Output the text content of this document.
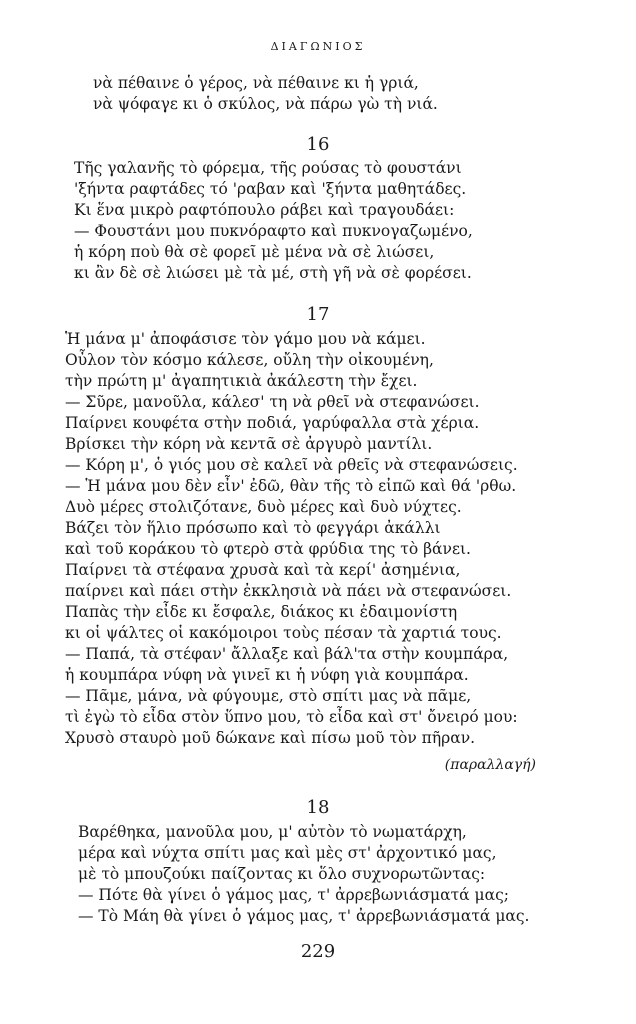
ΔΙΑΓΩΝΙΟΣ
νὰ πέθαινε ὁ γέρος, νὰ πέθαινε κι ἡ γριά,
νὰ ψόφαγε κι ὁ σκύλος, νὰ πάρω γὼ τὴ νιά.
16
Τῆς γαλανῆς τὸ φόρεμα, τῆς ρούσας τὸ φουστάνι
'ξήντα ραφτάδες τό 'ραβαν καὶ 'ξήντα μαθητάδες.
Κι ἕνα μικρὸ ραφτόπουλο ράβει καὶ τραγουδάει:
— Φουστάνι μου πυκνόραφτο καὶ πυκνογαζωμένο,
ἡ κόρη ποὺ θὰ σὲ φορεῖ μὲ μένα νὰ σὲ λιώσει,
κι ἂν δὲ σὲ λιώσει μὲ τὰ μέ, στὴ γῆ νὰ σὲ φορέσει.
17
Ἡ μάνα μ' ἀποφάσισε τὸν γάμο μου νὰ κάμει.
Οὖλον τὸν κόσμο κάλεσε, οὔλη τὴν οἰκουμένη,
τὴν πρώτη μ' ἀγαπητικιὰ ἀκάλεστη τὴν ἔχει.
— Σῦρε, μανοῦλα, κάλεσ' τη νὰ ρθεῖ νὰ στεφανώσει.
Παίρνει κουφέτα στὴν ποδιά, γαρύφαλλα στὰ χέρια.
Βρίσκει τὴν κόρη νὰ κεντᾶ σὲ ἀργυρὸ μαντίλι.
— Κόρη μ', ὁ γιός μου σὲ καλεῖ νὰ ρθεῖς νὰ στεφανώσεις.
— Ἡ μάνα μου δὲν εἶν' ἐδῶ, θὰν τῆς τὸ εἰπῶ καὶ θά 'ρθω.
Δυὸ μέρες στολιζότανε, δυὸ μέρες καὶ δυὸ νύχτες.
Βάζει τὸν ἥλιο πρόσωπο καὶ τὸ φεγγάρι ἀκάλλι
καὶ τοῦ κοράκου τὸ φτερὸ στὰ φρύδια της τὸ βάνει.
Παίρνει τὰ στέφανα χρυσὰ καὶ τὰ κερί' ἀσημένια,
παίρνει καὶ πάει στὴν ἐκκλησιὰ νὰ πάει νὰ στεφανώσει.
Παπὰς τὴν εἶδε κι ἔσφαλε, διάκος κι ἐδαιμονίστη
κι οἱ ψάλτες οἱ κακόμοιροι τοὺς πέσαν τὰ χαρτιά τους.
— Παπά, τὰ στέφαν' ἄλλαξε καὶ βάλ'τα στὴν κουμπάρα,
ἡ κουμπάρα νύφη νὰ γινεῖ κι ἡ νύφη γιὰ κουμπάρα.
— Πᾶμε, μάνα, νὰ φύγουμε, στὸ σπίτι μας νὰ πᾶμε,
τὶ ἐγὼ τὸ εἶδα στὸν ὕπνο μου, τὸ εἶδα καὶ στ' ὄνειρό μου:
Χρυσὸ σταυρὸ μοῦ δώκανε καὶ πίσω μοῦ τὸν πῆραν.
(παραλλαγή)
18
Βαρέθηκα, μανοῦλα μου, μ' αὐτὸν τὸ νωματάρχη,
μέρα καὶ νύχτα σπίτι μας καὶ μὲς στ' ἀρχοντικό μας,
μὲ τὸ μπουζούκι παίζοντας κι ὅλο συχνορωτῶντας:
— Πότε θὰ γίνει ὁ γάμος μας, τ' ἀρρεβωνιάσματά μας;
— Τὸ Μάη θὰ γίνει ὁ γάμος μας, τ' ἀρρεβωνιάσματά μας.
229
